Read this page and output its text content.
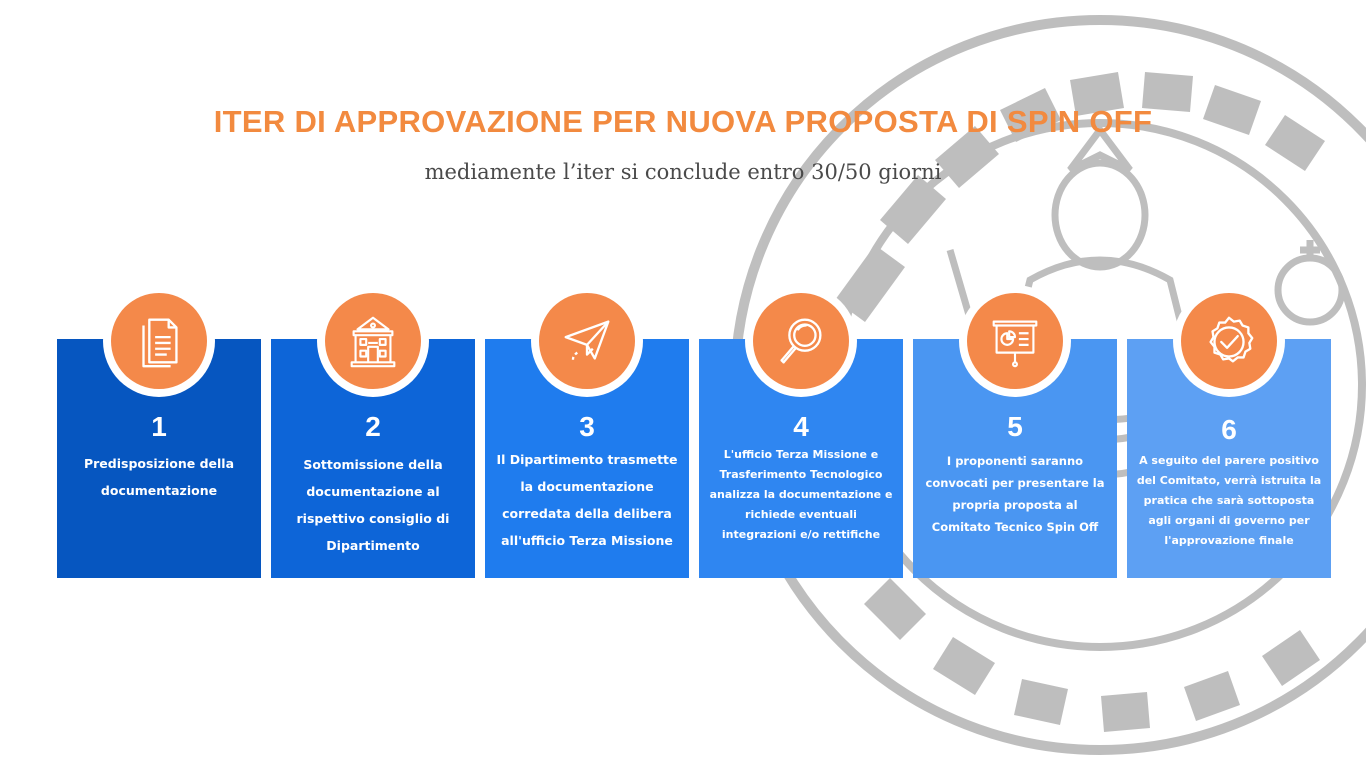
ITER DI APPROVAZIONE PER NUOVA PROPOSTA DI SPIN OFF

mediamente l’iter si conclude entro 30/50 giorni

1
Predisposizione della documentazione
2
Sottomissione della documentazione al rispettivo consiglio di Dipartimento
3
Il Dipartimento trasmette la documentazione corredata della delibera all'ufficio Terza Missione
4
L'ufficio Terza Missione e Trasferimento Tecnologico analizza la documentazione e richiede eventuali integrazioni e/o rettifiche
5
I proponenti saranno convocati per presentare la propria proposta al Comitato Tecnico Spin Off
6
A seguito del parere positivo del Comitato, verrà istruita la pratica che sarà sottoposta agli organi di governo per l'approvazione finale
